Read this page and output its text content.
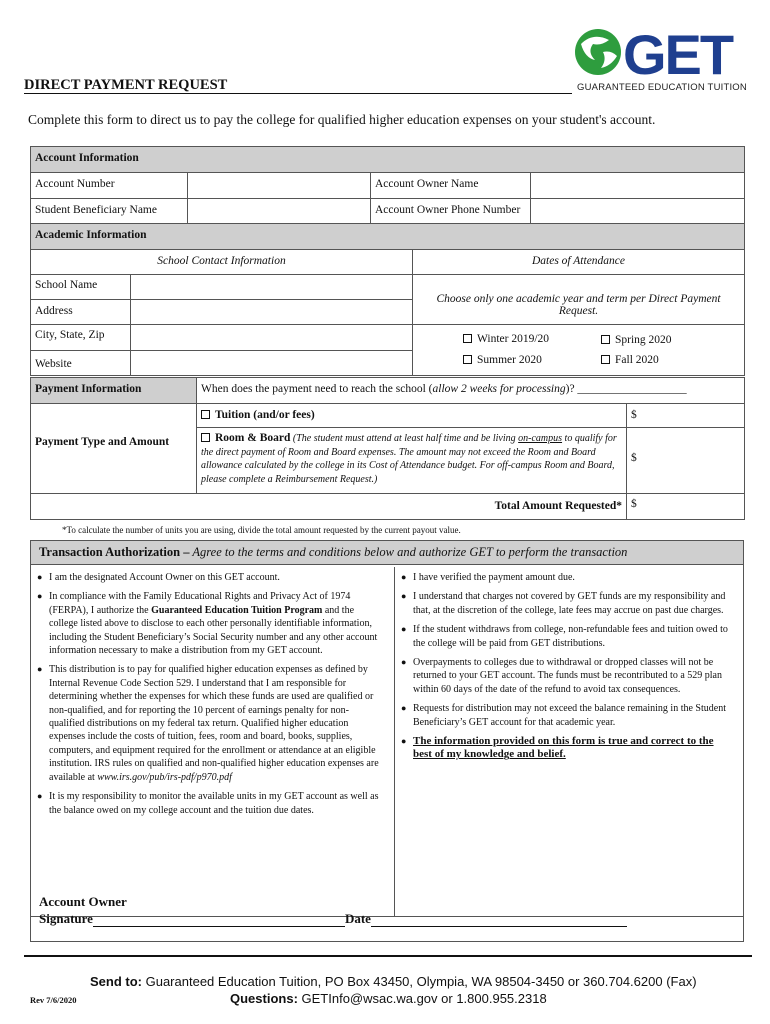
GET
GUARANTEED EDUCATION TUITION
DIRECT PAYMENT REQUEST
Complete this form to direct us to pay the college for qualified higher education expenses on your student's account.
Account Information			
Account Number		Account Owner Name	
Student Beneficiary Name		Account Owner Phone Number	
Academic Information		
School Contact Information		Dates of Attendance
School Name		Choose only one academic year and term per Direct Payment Request.
Address		
City, State, Zip		Winter 2019/20 Spring 2020
Summer 2020 Fall 2020

Website		
Payment Information	When does the payment need to reach the school (allow 2 weeks for processing)? ___________________	
Payment Type and Amount	Tuition (and/or fees)	$
	Room & Board (The student must attend at least half time and be living on-campus to qualify for the direct payment of Room and Board expenses. The amount may not exceed the Room and Board allowance calculated by the college in its Cost of Attendance budget. For off-campus Room and Board, please complete a Reimbursement Request.)	$
Total Amount Requested*		$
*To calculate the number of units you are using, divide the total amount requested by the current payout value.
Transaction Authorization – Agree to the terms and conditions below and authorize GET to perform the transaction
● I am the designated Account Owner on this GET account.
● In compliance with the Family Educational Rights and Privacy Act of 1974 (FERPA), I authorize the Guaranteed Education Tuition Program and the college listed above to disclose to each other personally identifiable information, including the Student Beneficiary’s Social Security number and any other account information necessary to make a distribution from my GET account.
● This distribution is to pay for qualified higher education expenses as defined by Internal Revenue Code Section 529. I understand that I am responsible for determining whether the expenses for which these funds are used are qualified or non-qualified, and for reporting the 10 percent of earnings penalty for non-qualified distributions on my federal tax return. Qualified higher education expenses include the costs of tuition, fees, room and board, books, supplies, computers, and equipment required for the enrollment or attendance at an eligible institution. IRS rules on qualified and non-qualified higher education expenses are available at www.irs.gov/pub/irs-pdf/p970.pdf
● It is my responsibility to monitor the available units in my GET account as well as the balance owed on my college account and the tuition due dates.
● I have verified the payment amount due.
● I understand that charges not covered by GET funds are my responsibility and that, at the discretion of the college, late fees may accrue on past due charges.
● If the student withdraws from college, non-refundable fees and tuition owed to the college will be paid from GET distributions.
● Overpayments to colleges due to withdrawal or dropped classes will not be returned to your GET account. The funds must be recontributed to a 529 plan within 60 days of the date of the refund to avoid tax consequences.
● Requests for distribution may not exceed the balance remaining in the Student Beneficiary’s GET account for that academic year.
● The information provided on this form is true and correct to the best of my knowledge and belief.
Account Owner
Signature	Date
Send to: Guaranteed Education Tuition, PO Box 43450, Olympia, WA 98504-3450 or 360.704.6200 (Fax)
Questions: GETInfo@wsac.wa.gov or 1.800.955.2318
Rev 7/6/2020
